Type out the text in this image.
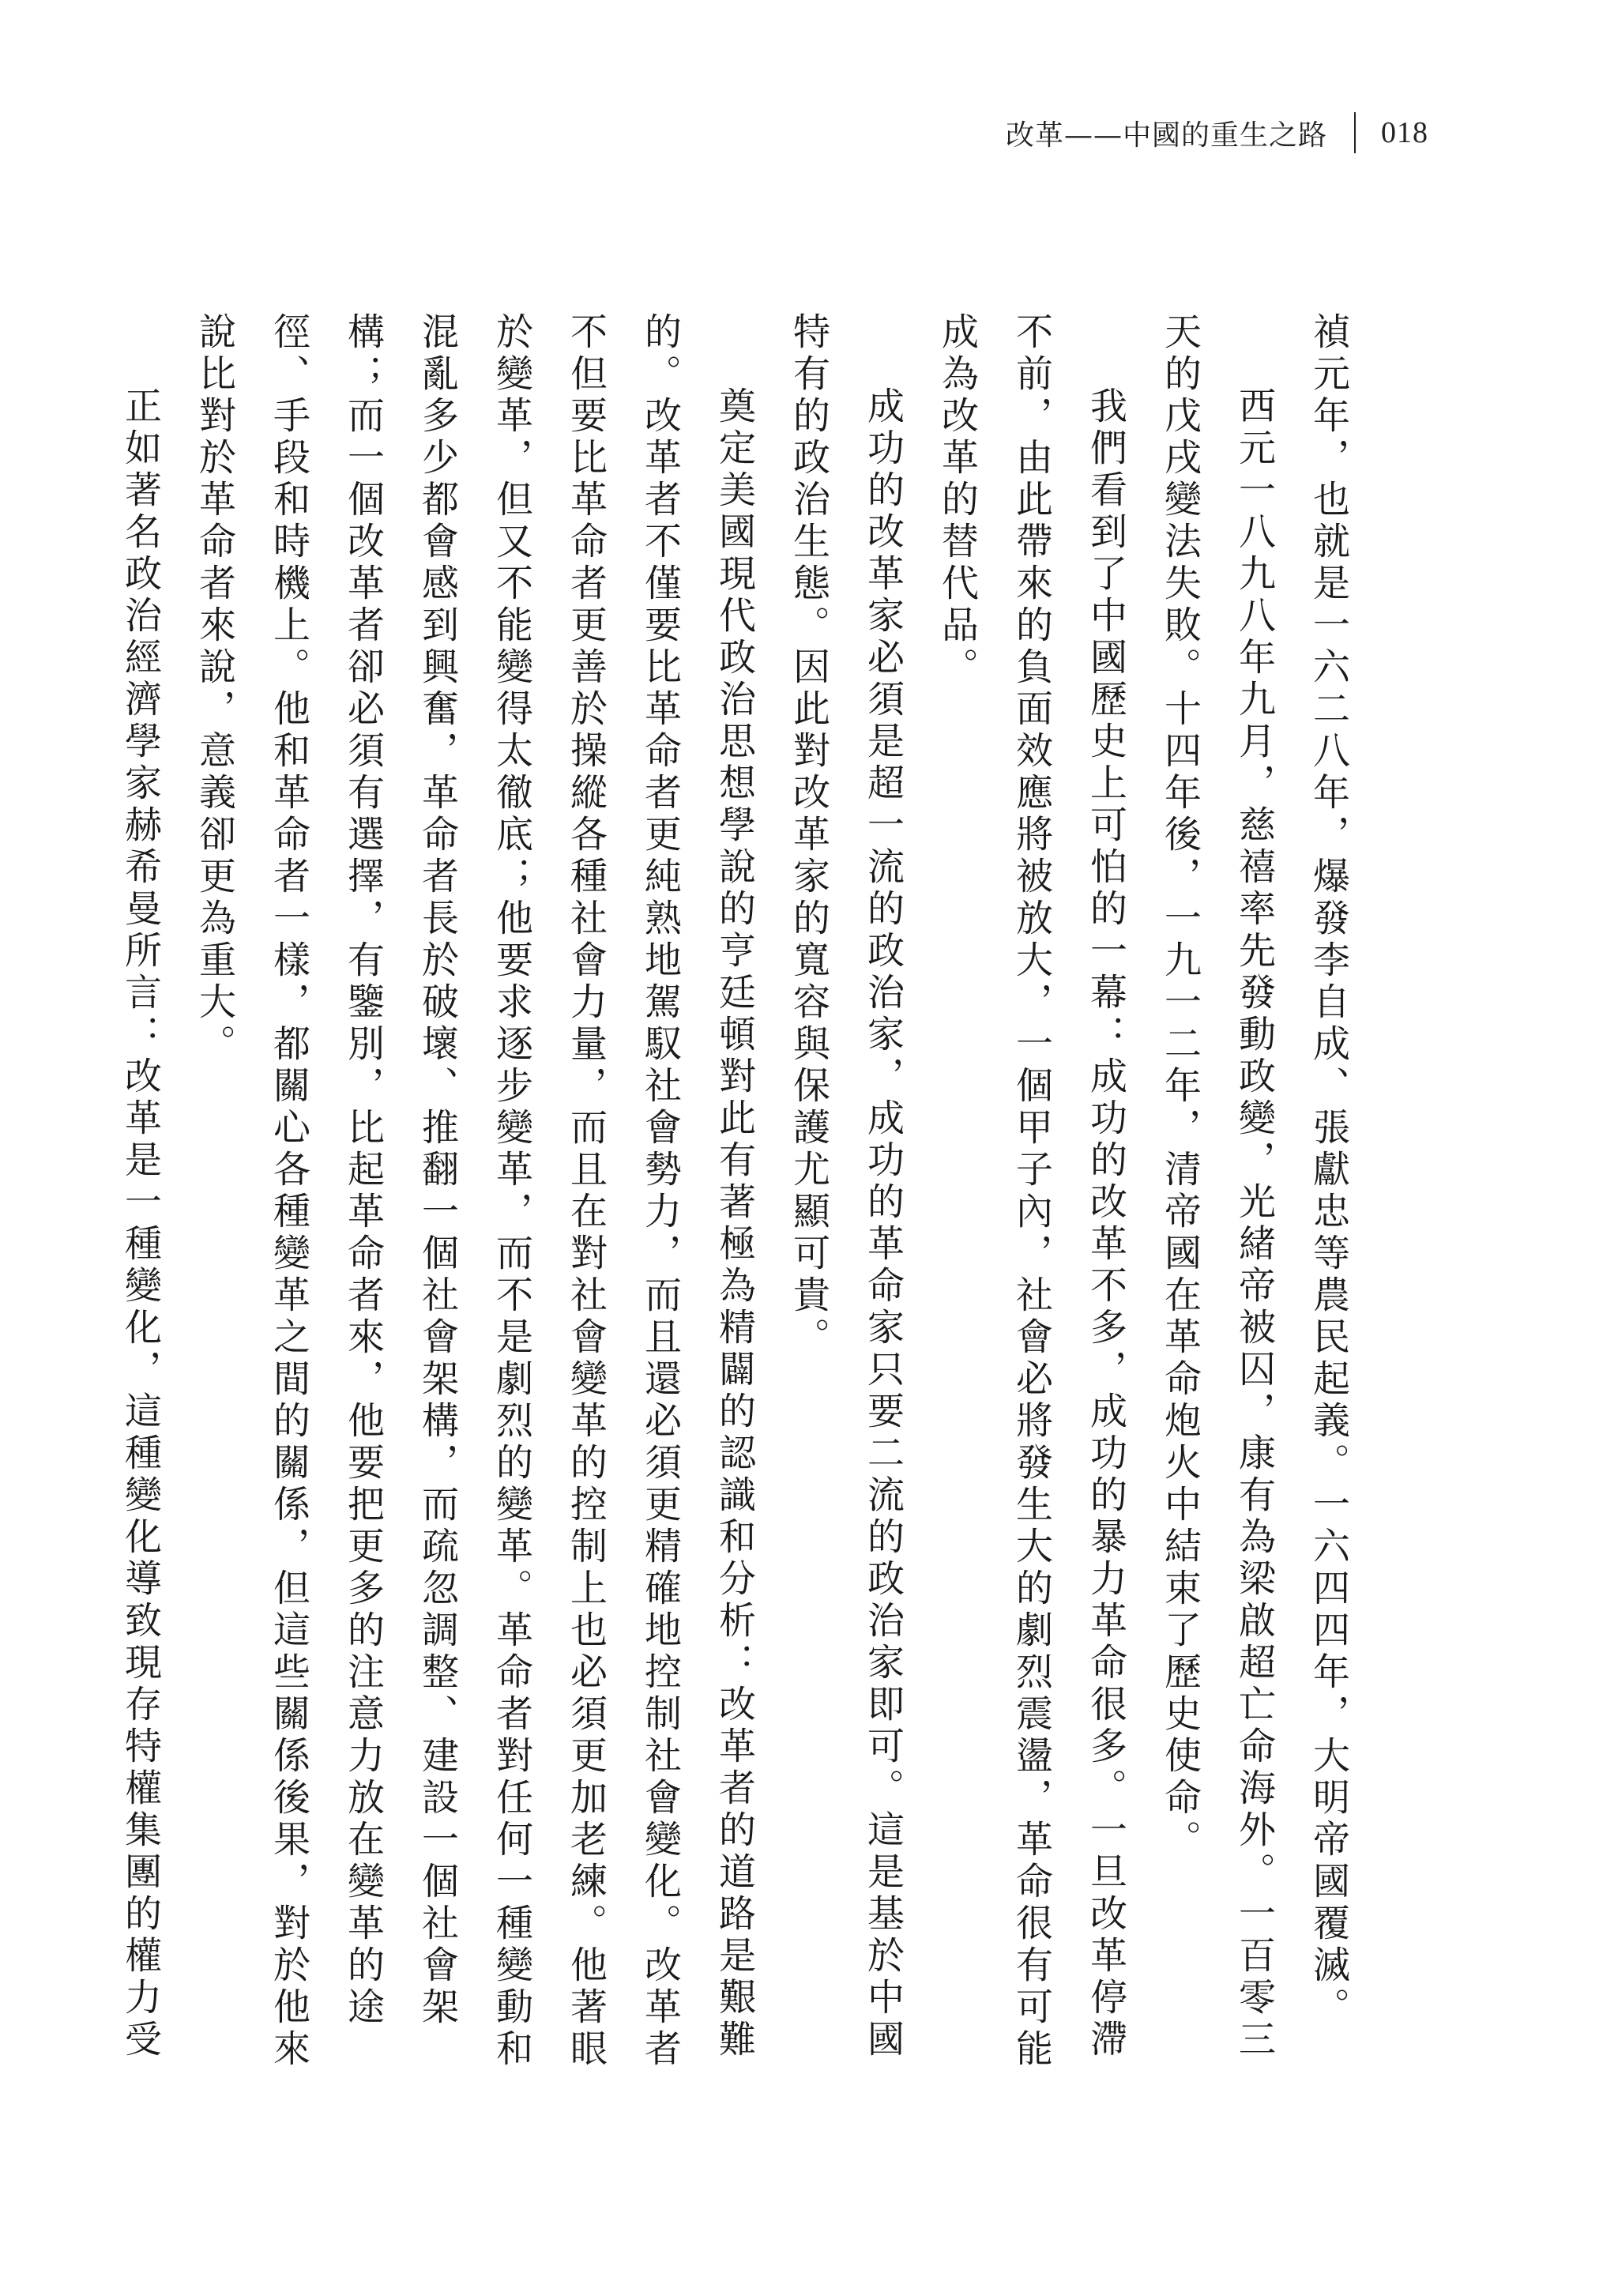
改革——中國的重生之路 018

禎元年，也就是一六二八年，爆發李自成、張獻忠等農民起義。一六四四年，大明帝國覆滅。

西元一八九八年九月，慈禧率先發動政變，光緒帝被囚，康有為梁啟超亡命海外。一百零三天的戊戌變法失敗。十四年後，一九一二年，清帝國在革命炮火中結束了歷史使命。

我們看到了中國歷史上可怕的一幕：成功的改革不多，成功的暴力革命很多。一旦改革停滯不前，由此帶來的負面效應將被放大，一個甲子內，社會必將發生大的劇烈震盪，革命很有可能成為改革的替代品。

成功的改革家必須是超一流的政治家，成功的革命家只要二流的政治家即可。這是基於中國特有的政治生態。因此對改革家的寬容與保護尤顯可貴。

奠定美國現代政治思想學說的亨廷頓對此有著極為精闢的認識和分析：改革者的道路是艱難的。改革者不僅要比革命者更純熟地駕馭社會勢力，而且還必須更精確地控制社會變化。改革者不但要比革命者更善於操縱各種社會力量，而且在對社會變革的控制上也必須更加老練。他著眼於變革，但又不能變得太徹底；他要求逐步變革，而不是劇烈的變革。革命者對任何一種變動和混亂多少都會感到興奮，革命者長於破壞、推翻一個社會架構，而疏忽調整、建設一個社會架構；而一個改革者卻必須有選擇，有鑒別，比起革命者來，他要把更多的注意力放在變革的途徑、手段和時機上。他和革命者一樣，都關心各種變革之間的關係，但這些關係後果，對於他來說比對於革命者來說，意義卻更為重大。

正如著名政治經濟學家赫希曼所言：改革是一種變化，這種變化導致現存特權集團的權力受
